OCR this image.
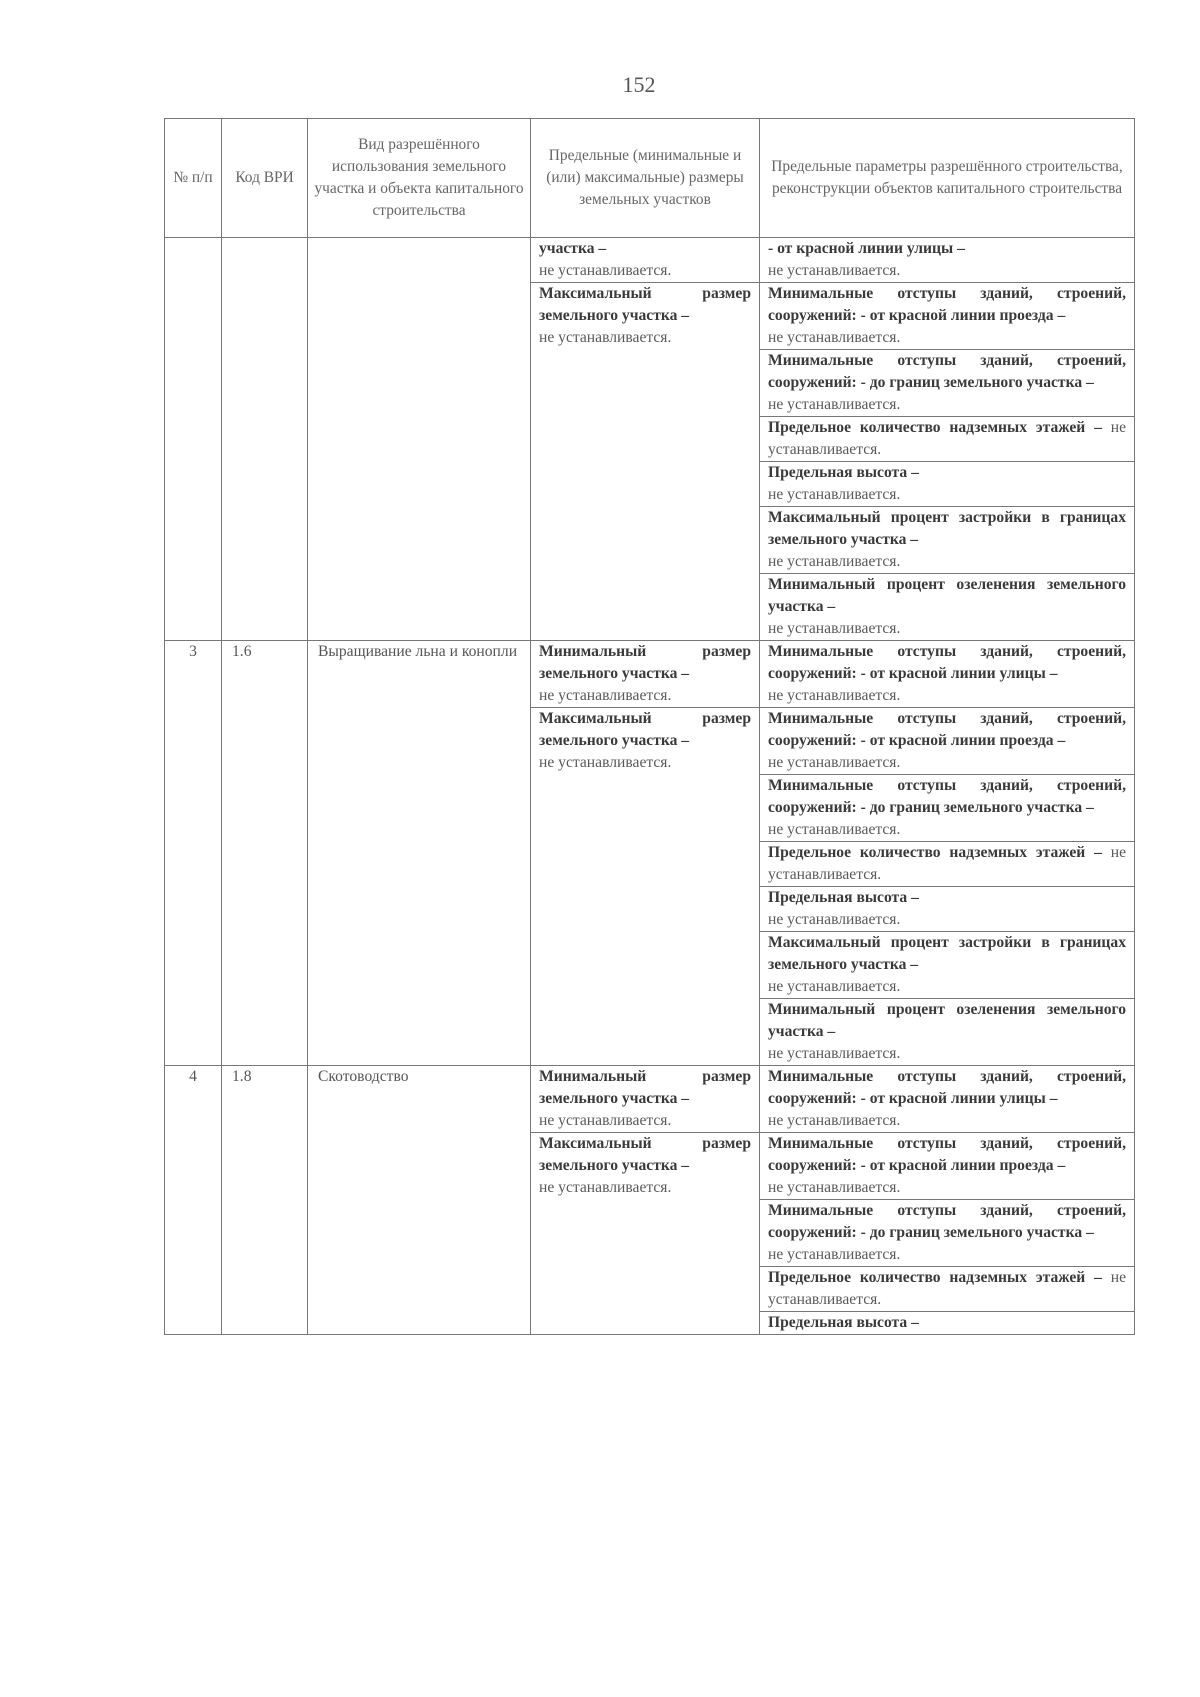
152
№ п/п	Код ВРИ	Вид разрешённого использования земельного участка и объекта капитального строительства	Предельные (минимальные и (или) максимальные) размеры земельных участков	Предельные параметры разрешённого строительства, реконструкции объектов капитального строительства
			участка –
не устанавливается.	- от красной линии улицы –
не устанавливается.
			Максимальный размер земельного участка –
не устанавливается.	Минимальные отступы зданий, строений, сооружений: - от красной линии проезда –
не устанавливается.
				Минимальные отступы зданий, строений, сооружений: - до границ земельного участка –
не устанавливается.
				Предельное количество надземных этажей – не устанавливается.
				Предельная высота –
не устанавливается.
				Максимальный процент застройки в границах земельного участка –
не устанавливается.
				Минимальный процент озеленения земельного участка –
не устанавливается.
3	1.6	Выращивание льна и конопли	Минимальный размер земельного участка –
не устанавливается.	Минимальные отступы зданий, строений, сооружений: - от красной линии улицы –
не устанавливается.
			Максимальный размер земельного участка –
не устанавливается.	Минимальные отступы зданий, строений, сооружений: - от красной линии проезда –
не устанавливается.
				Минимальные отступы зданий, строений, сооружений: - до границ земельного участка –
не устанавливается.
				Предельное количество надземных этажей – не устанавливается.
				Предельная высота –
не устанавливается.
				Максимальный процент застройки в границах земельного участка –
не устанавливается.
				Минимальный процент озеленения земельного участка –
не устанавливается.
4	1.8	Скотоводство	Минимальный размер земельного участка –
не устанавливается.	Минимальные отступы зданий, строений, сооружений: - от красной линии улицы –
не устанавливается.
			Максимальный размер земельного участка –
не устанавливается.	Минимальные отступы зданий, строений, сооружений: - от красной линии проезда –
не устанавливается.
				Минимальные отступы зданий, строений, сооружений: - до границ земельного участка –
не устанавливается.
				Предельное количество надземных этажей – не устанавливается.
				Предельная высота –
